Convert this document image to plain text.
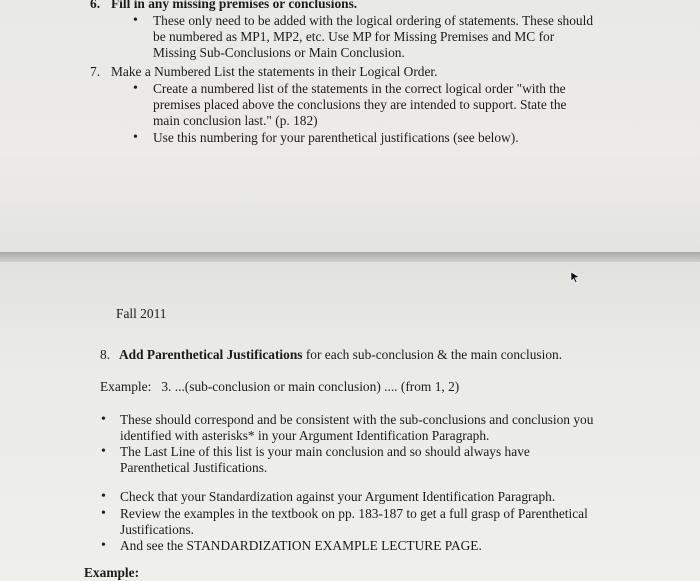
6. Fill in any missing premises or conclusions.
• These only need to be added with the logical ordering of statements. These should
be numbered as MP1, MP2, etc. Use MP for Missing Premises and MC for
Missing Sub-Conclusions or Main Conclusion.
7. Make a Numbered List the statements in their Logical Order.
• Create a numbered list of the statements in the correct logical order "with the
premises placed above the conclusions they are intended to support. State the
main conclusion last." (p. 182)
• Use this numbering for your parenthetical justifications (see below).
Fall 2011
8. Add Parenthetical Justifications for each sub-conclusion & the main conclusion.
Example:   3. ...(sub-conclusion or main conclusion) .... (from 1, 2)
• These should correspond and be consistent with the sub-conclusions and conclusion you
identified with asterisks* in your Argument Identification Paragraph.
• The Last Line of this list is your main conclusion and so should always have
Parenthetical Justifications.
• Check that your Standardization against your Argument Identification Paragraph.
• Review the examples in the textbook on pp. 183-187 to get a full grasp of Parenthetical
Justifications.
• And see the STANDARDIZATION EXAMPLE LECTURE PAGE.
Example:
